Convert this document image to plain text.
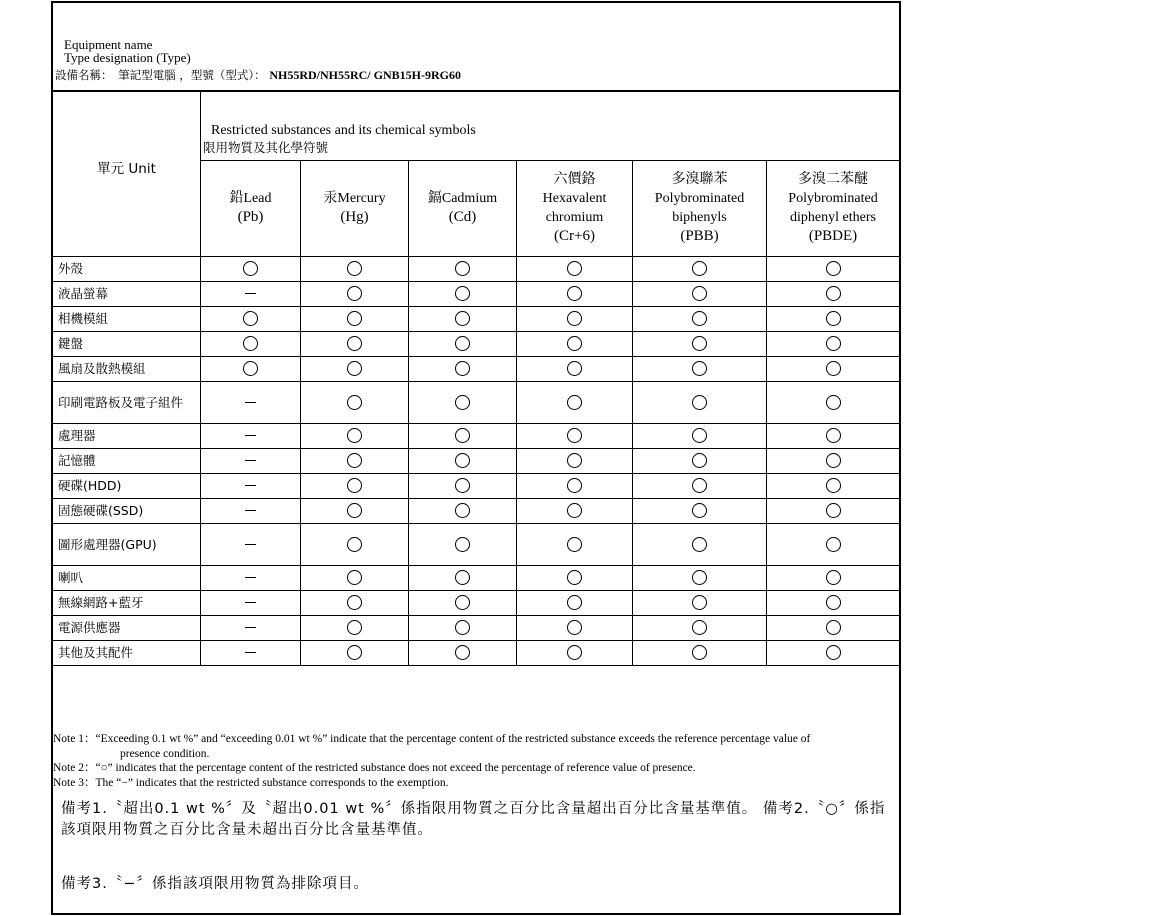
Equipment name
Type designation (Type)
設備名稱：　筆記型電腦 ，型號（型式）： NH55RD/NH55RC/ GNB15H-9RG60
Note 1：“Exceeding 0.1 wt %” and “exceeding 0.01 wt %” indicate that the percentage content of the restricted substance exceeds the reference percentage value of
presence condition.
Note 2：“○” indicates that the percentage content of the restricted substance does not exceed the percentage of reference value of presence.
Note 3：The “−” indicates that the restricted substance corresponds to the exemption.
備考1.〝超出0.1 wt %〞及〝超出0.01 wt %〞係指限用物質之百分比含量超出百分比含量基準值。 備考2.〝○〞係指該項限用物質之百分比含量未超出百分比含量基準值。
備考3.〝−〞係指該項限用物質為排除項目。
單元 Unit
Restricted substances and its chemical symbols
限用物質及其化學符號
鉛Lead
(Pb)
汞Mercury
(Hg)
鎘Cadmium
(Cd)
六價鉻
Hexavalent chromium
(Cr+6)
多溴聯苯
Polybrominated biphenyls
(PBB)
多溴二苯醚
Polybrominated diphenyl ethers
(PBDE)
外殼
液晶螢幕
相機模組
鍵盤
風扇及散熱模組
印刷電路板及電子組件
處理器
記憶體
硬碟(HDD)
固態硬碟(SSD)
圖形處理器(GPU)
喇叭
無線網路+藍牙
電源供應器
其他及其配件
